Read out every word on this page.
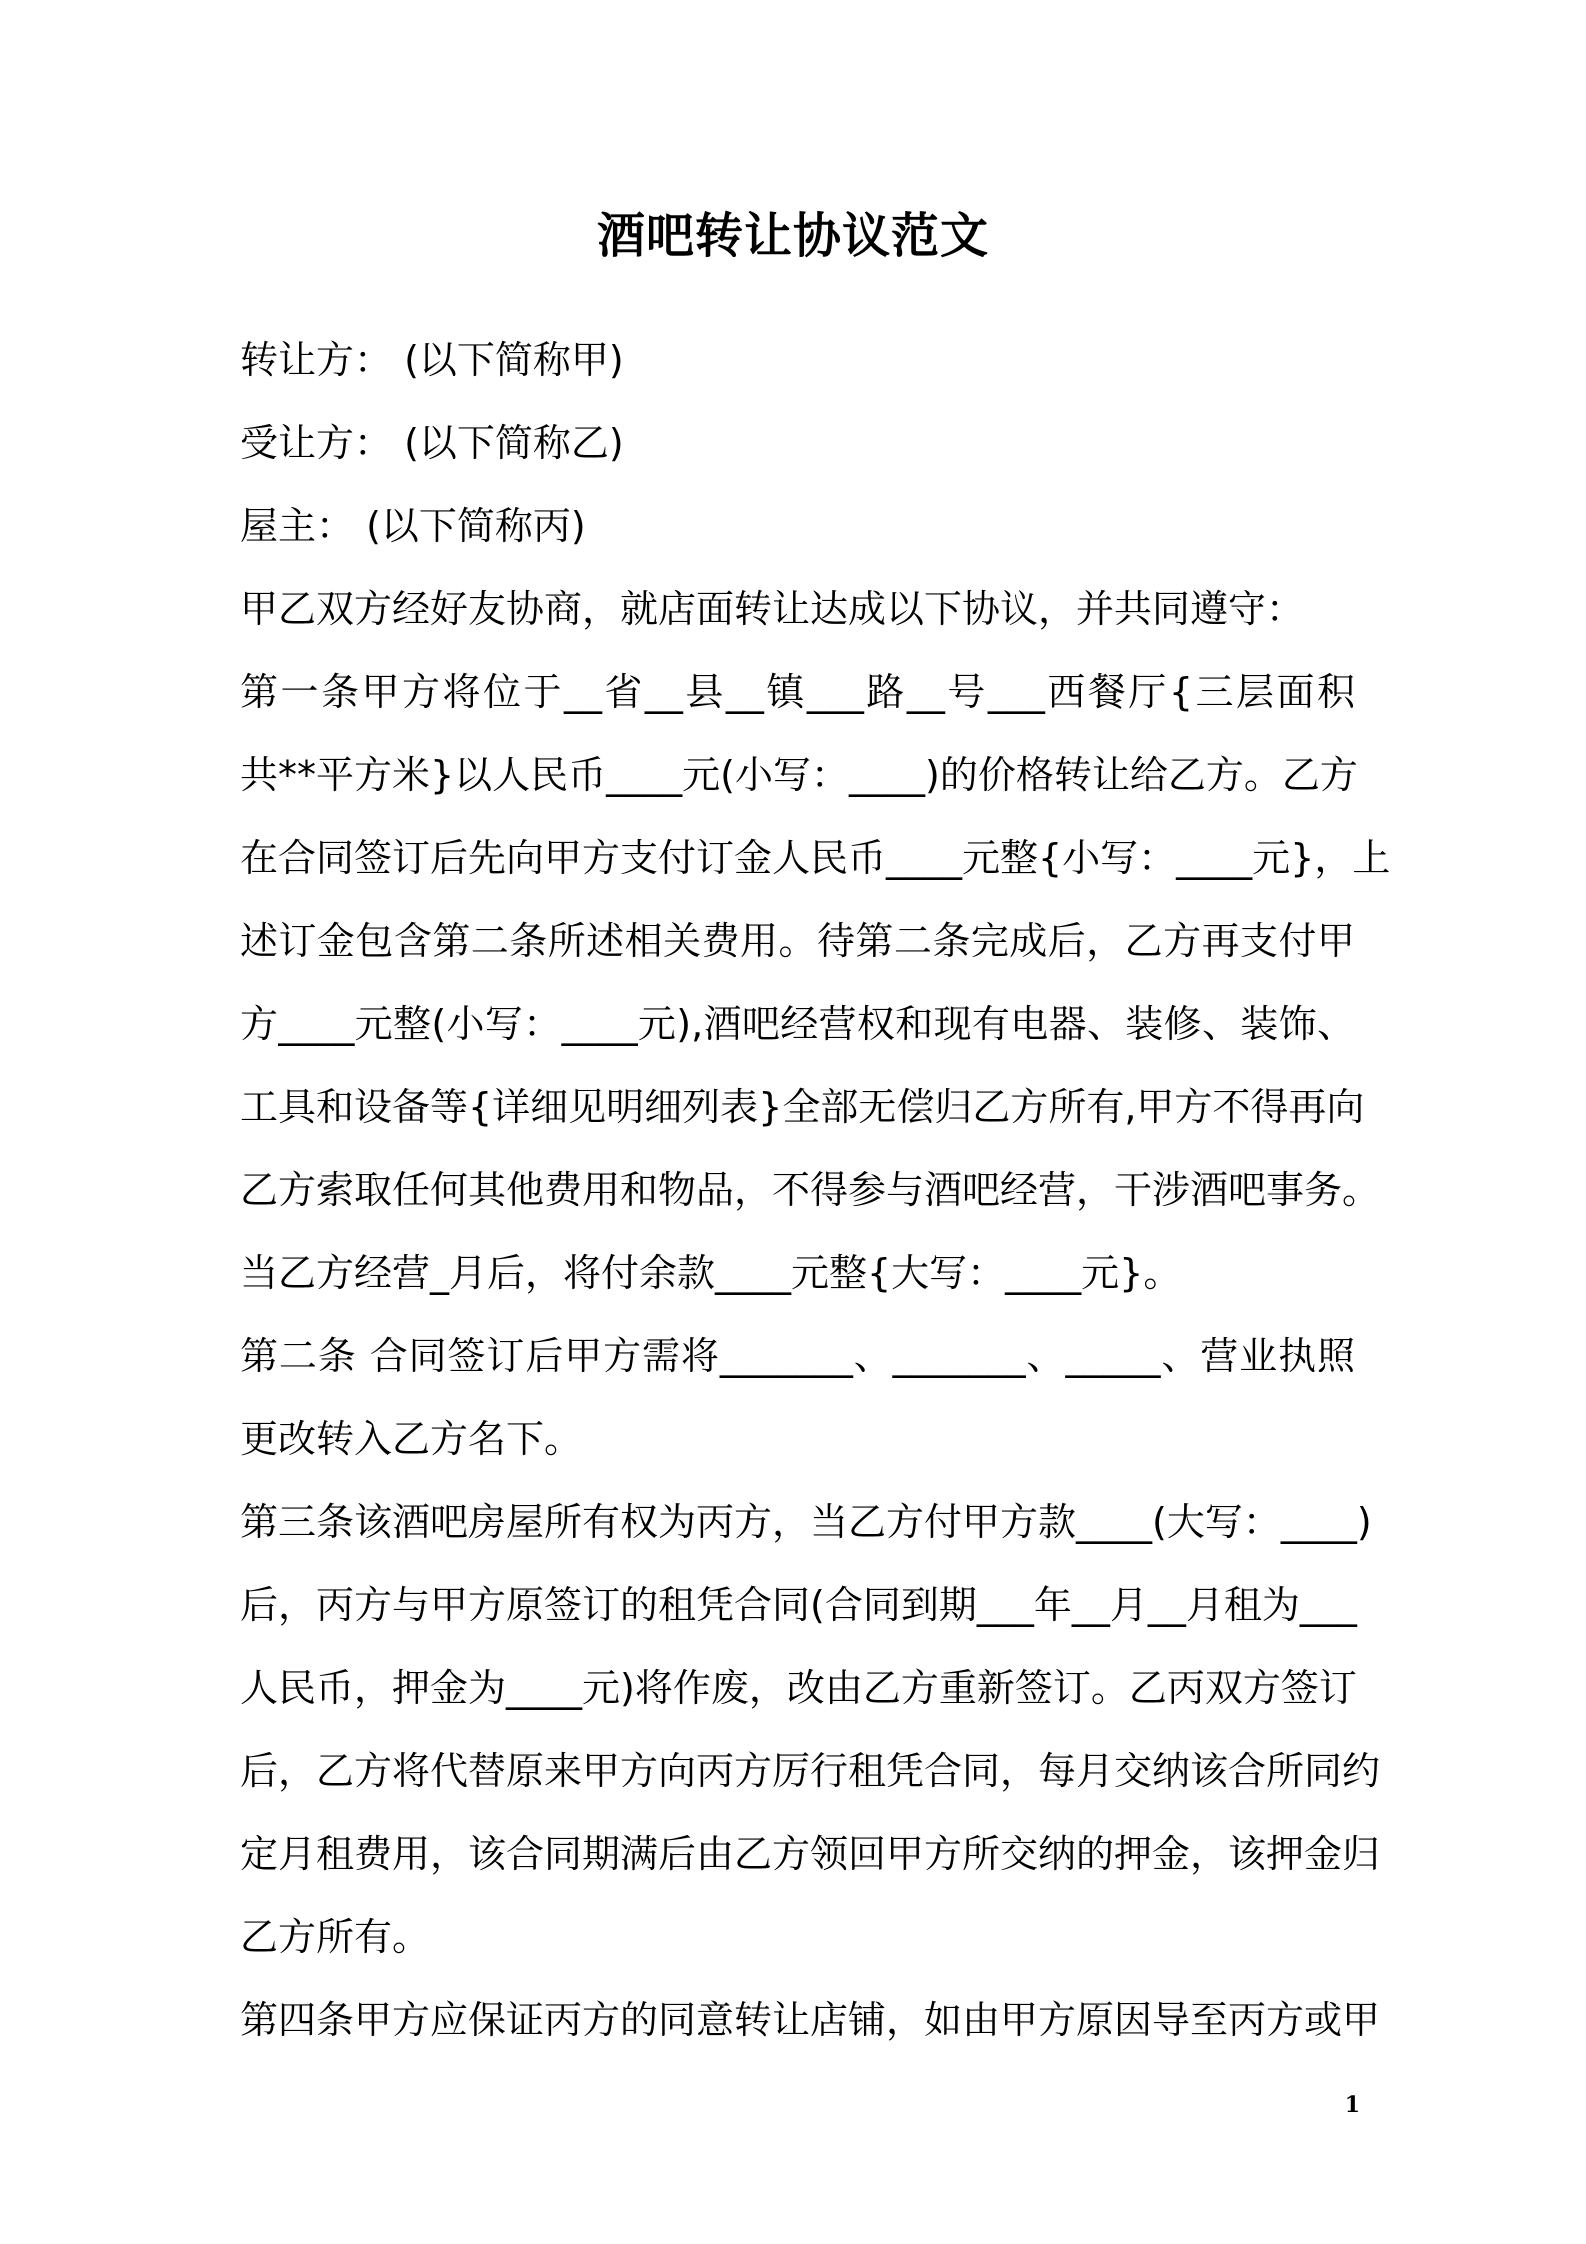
酒吧转让协议范文
转让方： (以下简称甲)
受让方： (以下简称乙)
屋主： (以下简称丙)
甲乙双方经好友协商，就店面转让达成以下协议，并共同遵守：
第一条甲方将位于__省__县__镇___路__号___西餐厅{三层面积
共**平方米}以人民币____元(小写：____)的价格转让给乙方。乙方
在合同签订后先向甲方支付订金人民币____元整{小写：____元}，上
述订金包含第二条所述相关费用。待第二条完成后，乙方再支付甲
方____元整(小写：____元),酒吧经营权和现有电器、装修、装饰、
工具和设备等{详细见明细列表}全部无偿归乙方所有,甲方不得再向
乙方索取任何其他费用和物品，不得参与酒吧经营，干涉酒吧事务。
当乙方经营_月后，将付余款____元整{大写：____元}。
第二条 合同签订后甲方需将_______、_______、_____、营业执照
更改转入乙方名下。
第三条该酒吧房屋所有权为丙方，当乙方付甲方款____(大写：____)
后，丙方与甲方原签订的租凭合同(合同到期___年__月__月租为___
人民币，押金为____元)将作废，改由乙方重新签订。乙丙双方签订
后，乙方将代替原来甲方向丙方厉行租凭合同，每月交纳该合所同约
定月租费用，该合同期满后由乙方领回甲方所交纳的押金，该押金归
乙方所有。
第四条甲方应保证丙方的同意转让店铺，如由甲方原因导至丙方或甲
1
